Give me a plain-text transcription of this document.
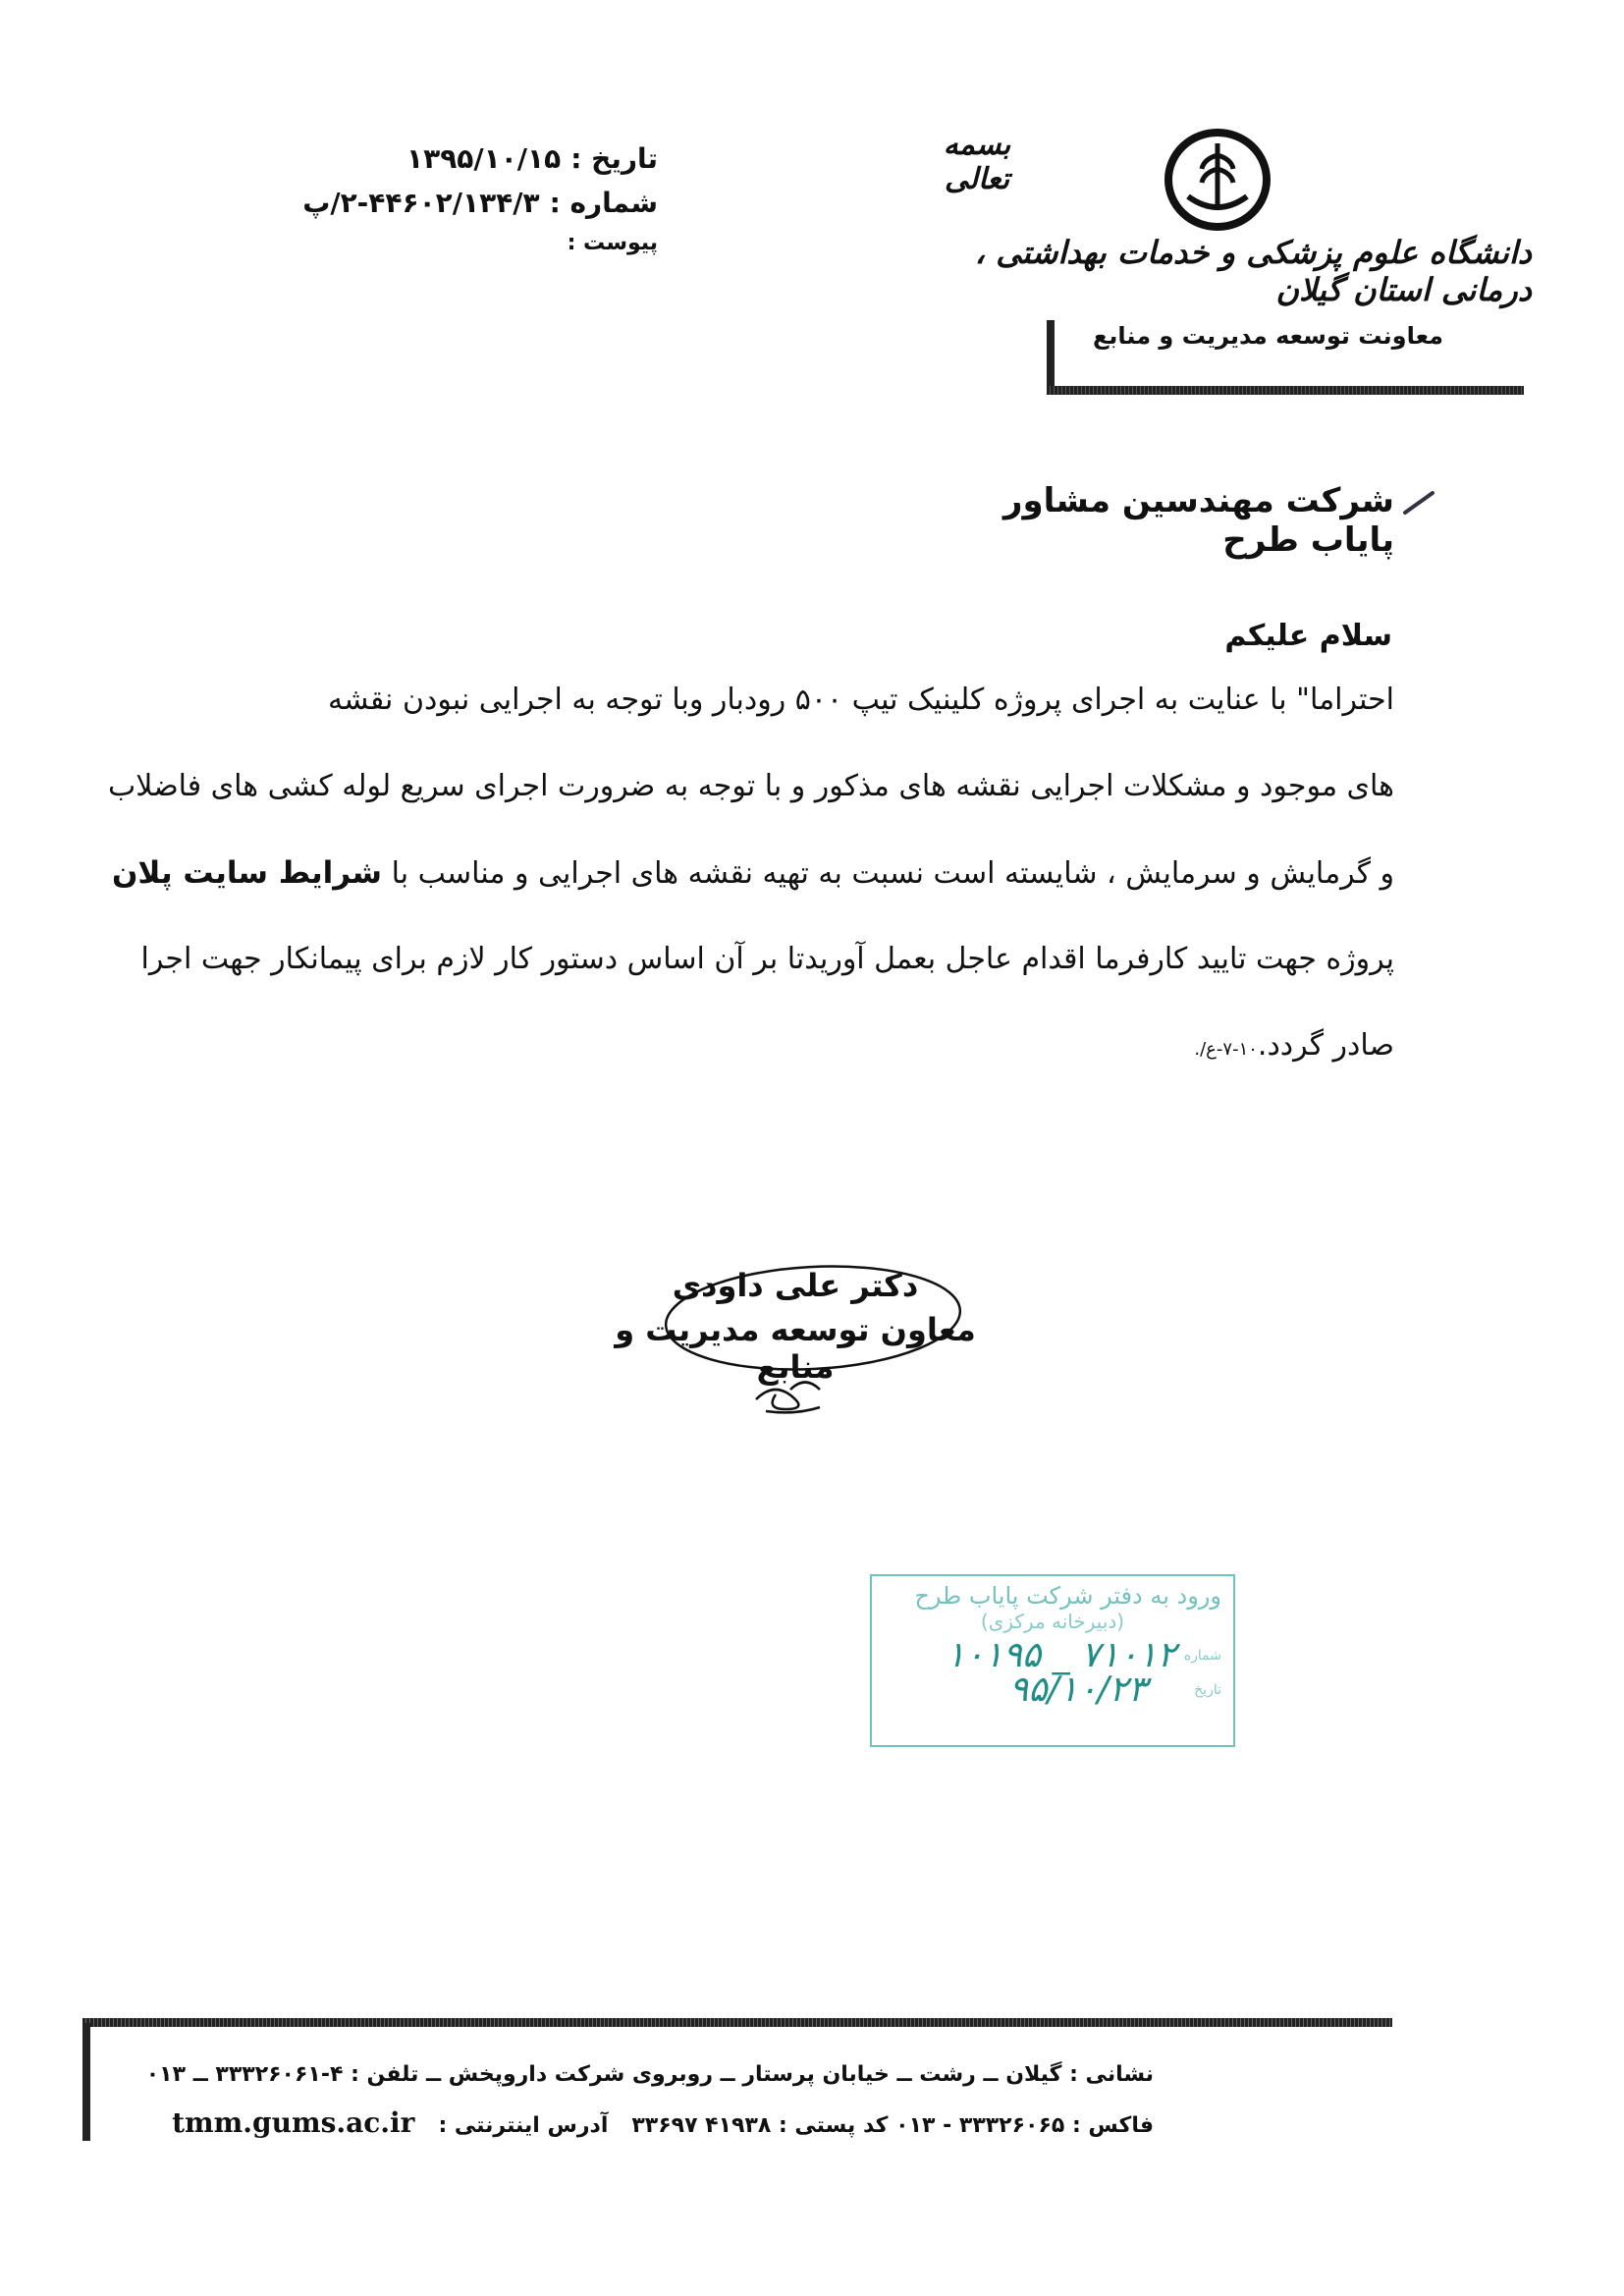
تاریخ :
۱۳۹۵/۱۰/۱۵
شماره :
۲-۴۴۶۰۲/۱۳۴/۳/پ
پیوست :
بسمه تعالی
دانشگاه علوم پزشکی و خدمات بهداشتی ، درمانی استان گیلان
معاونت توسعه مدیریت و منابع
شرکت مهندسین مشاور پایاب طرح
سلام علیکم

احتراما" با عنایت به اجرای پروژه کلینیک تیپ ۵۰۰ رودبار وبا توجه به اجرایی نبودن نقشه

های موجود و مشکلات اجرایی نقشه های مذکور و با توجه به ضرورت اجرای سریع لوله کشی های فاضلاب

و گرمایش و سرمایش ، شایسته است نسبت به تهیه نقشه های اجرایی و مناسب با شرایط سایت پلان

پروژه جهت تایید کارفرما اقدام عاجل بعمل آوریدتا بر آن اساس دستور کار لازم برای پیمانکار جهت اجرا

صادر گردد.۱۰-۷-ع/.

دکتر علی داودی
معاون توسعه مدیریت و منابع
ورود به دفتر شرکت پایاب طرح
(دبیرخانه مرکزی)
شماره
۱۰۱۹۵ _ ۷۱۰۱۲
تاریخ
۹۵/۱۰/۲۳
نشانی : گیلان ــ رشت ــ خیابان پرستار ــ روبروی شرکت داروپخش ــ تلفن : ۴-۳۳۳۲۶۰۶۱ ــ ۰۱۳
فاکس : ۳۳۳۲۶۰۶۵ - ۰۱۳ کد پستی : ۴۱۹۳۸ ۳۳۶۹۷
آدرس اینترنتی :
tmm.gums.ac.ir
